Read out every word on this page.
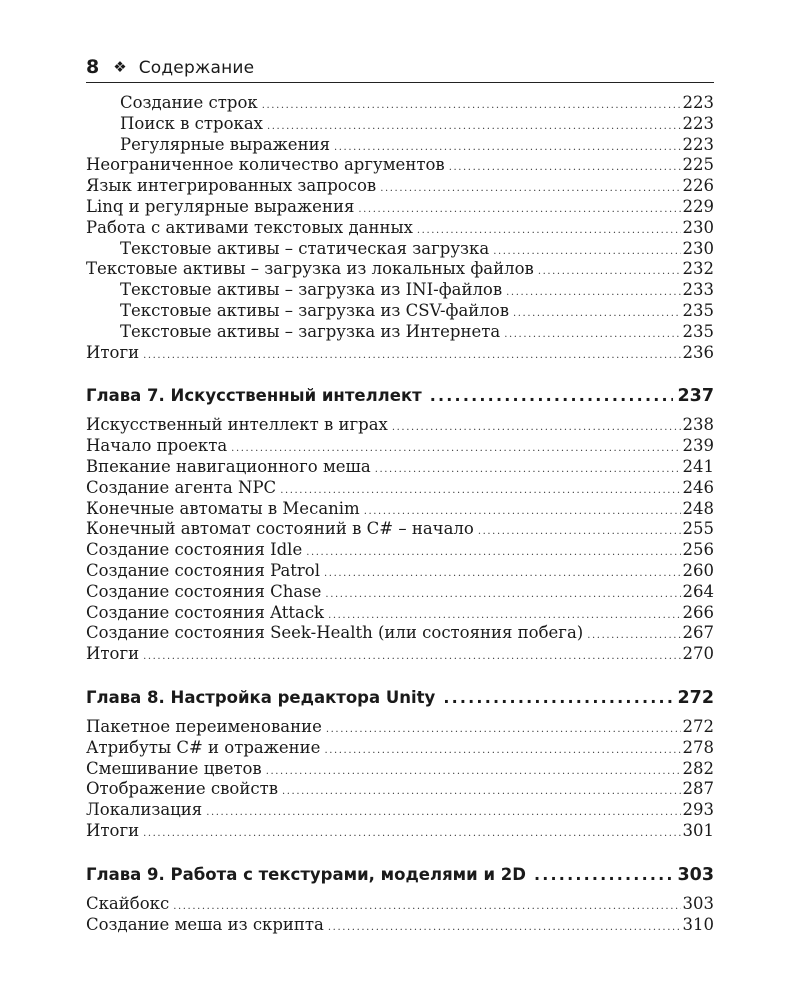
8 ❖ Содержание
Создание строк .....	223
Поиск в строках .....	223
Регулярные выражения .....	223
Неограниченное количество аргументов .....	225
Язык интегрированных запросов .....	226
Linq и регулярные выражения .....	229
Работа с активами текстовых данных .....	230
Текстовые активы – статическая загрузка .....	230
Текстовые активы – загрузка из локальных файлов .....	232
Текстовые активы – загрузка из INI-файлов .....	233
Текстовые активы – загрузка из CSV-файлов .....	235
Текстовые активы – загрузка из Интернета .....	235
Итоги .....	236
Глава 7. Искусственный интеллект .....	237
Искусственный интеллект в играх .....	238
Начало проекта .....	239
Впекание навигационного меша .....	241
Создание агента NPC .....	246
Конечные автоматы в Mecanim .....	248
Конечный автомат состояний в C# – начало .....	255
Создание состояния Idle .....	256
Создание состояния Patrol .....	260
Создание состояния Chase .....	264
Создание состояния Attack .....	266
Создание состояния Seek-Health (или состояния побега) .....	267
Итоги .....	270
Глава 8. Настройка редактора Unity .....	272
Пакетное переименование .....	272
Атрибуты C# и отражение .....	278
Смешивание цветов .....	282
Отображение свойств .....	287
Локализация .....	293
Итоги .....	301
Глава 9. Работа с текстурами, моделями и 2D .....	303
Скайбокс .....	303
Создание меша из скрипта .....	310
